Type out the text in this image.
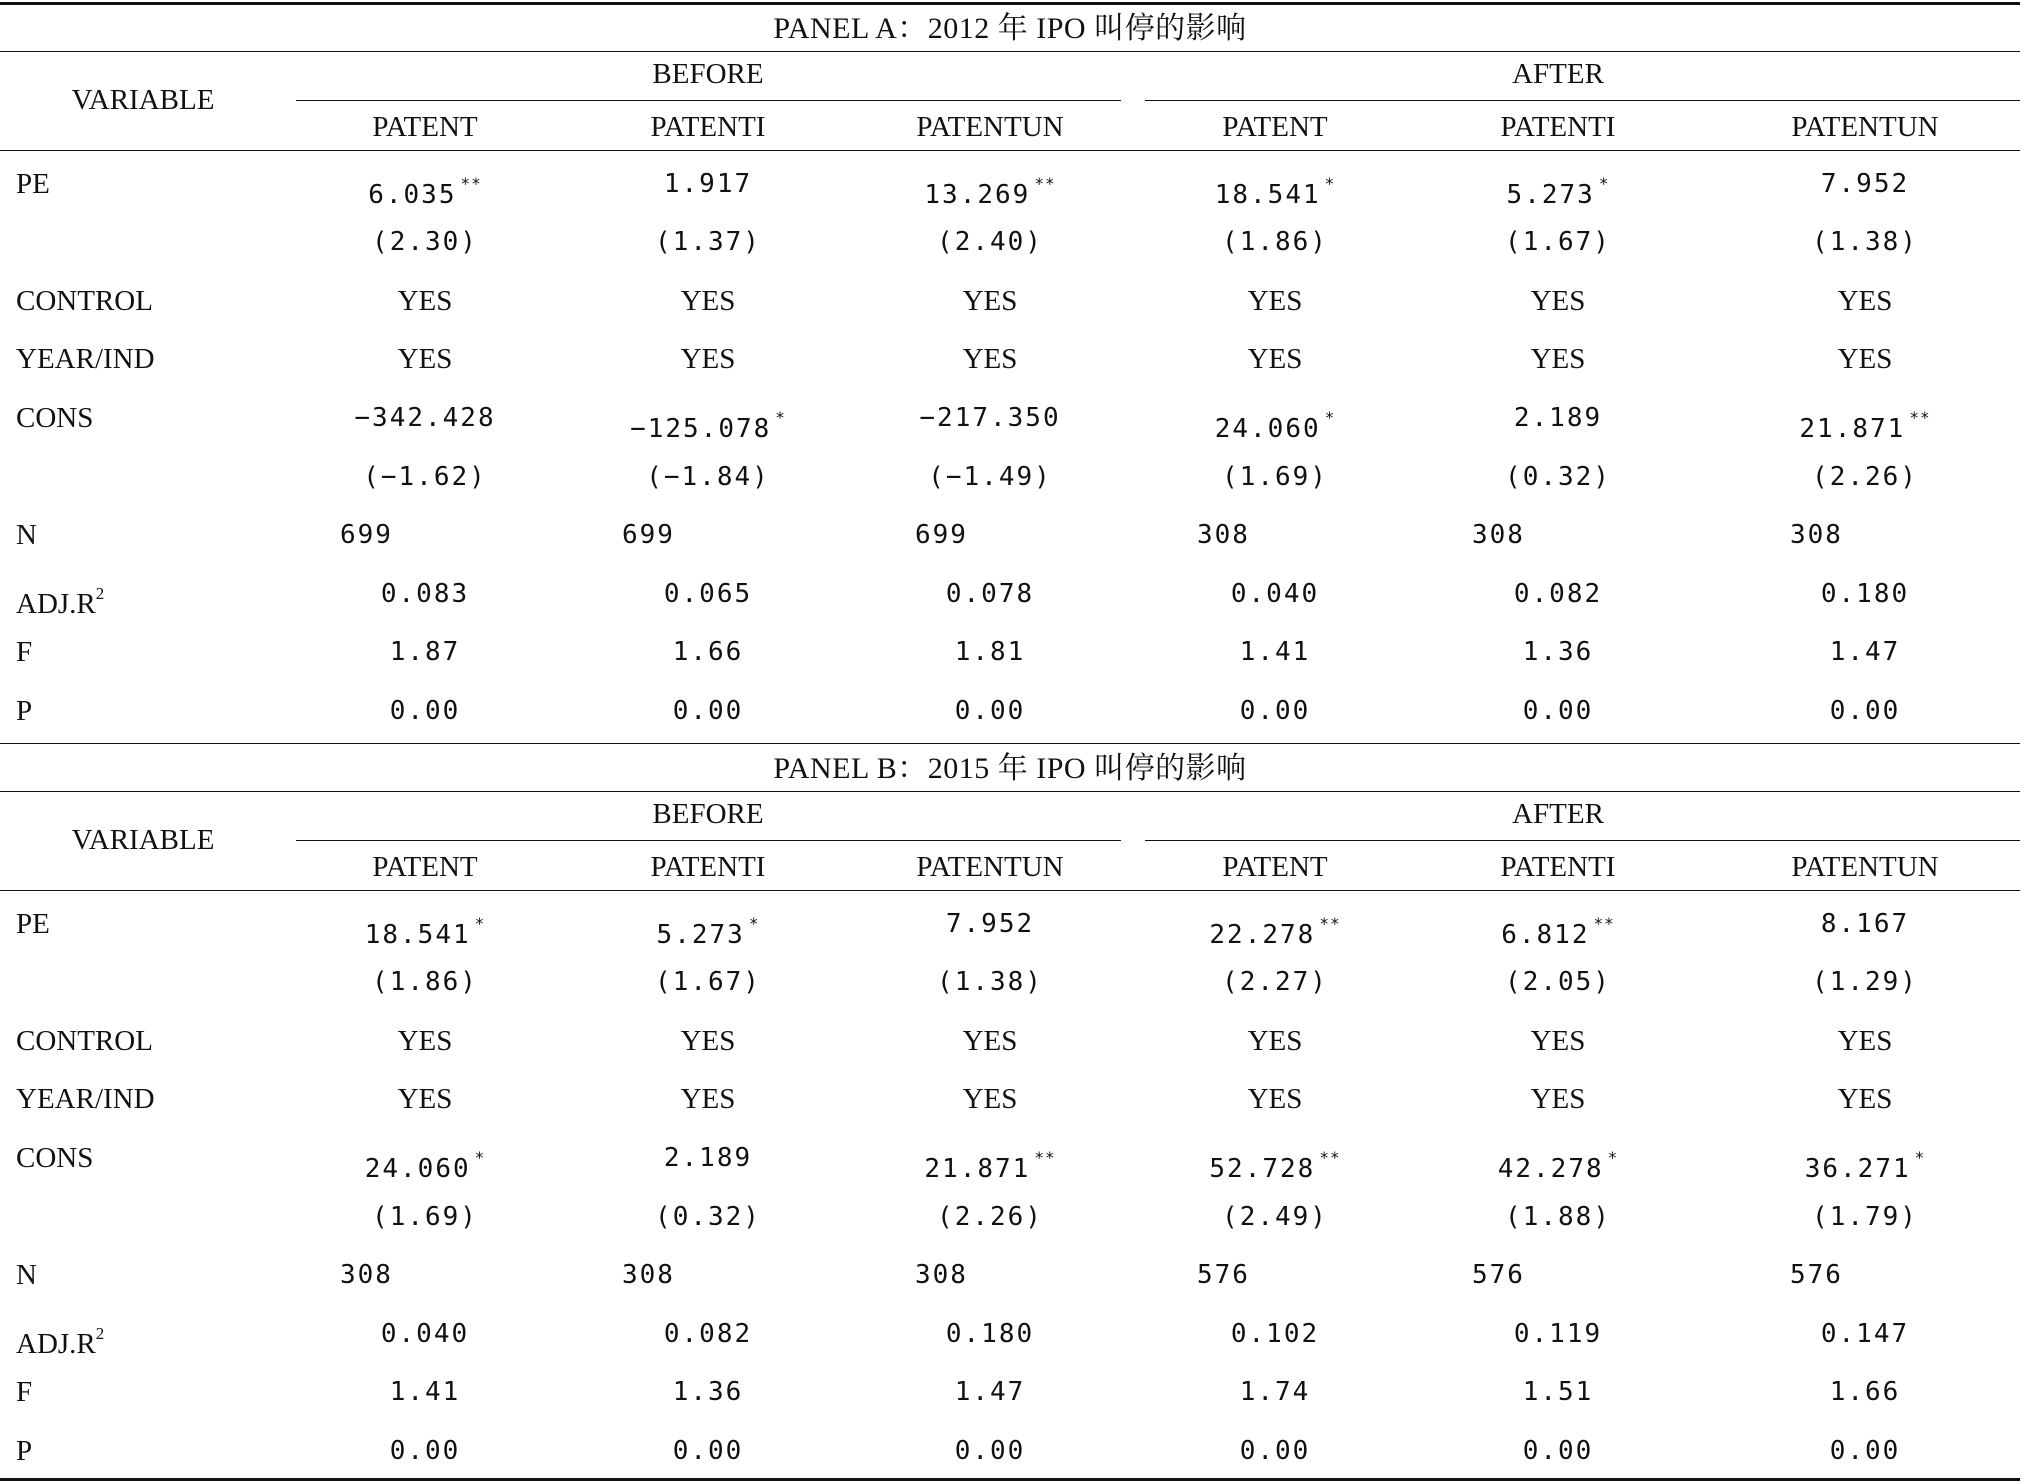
PANEL A：2012 年 IPO 叫停的影响
VARIABLE
BEFORE	AFTER
PATENT	PATENTI	PATENTUN	PATENT	PATENTI	PATENTUN
PE	6.035 **	1.917	13.269 **	18.541 *	5.273 *	7.952
(2.30)	(1.37)	(2.40)	(1.86)	(1.67)	(1.38)
CONTROL	YES	YES	YES	YES	YES	YES
YEAR/IND	YES	YES	YES	YES	YES	YES
CONS	−342.428	−125.078 *	−217.350	24.060 *	2.189	21.871 **
(−1.62)	(−1.84)	(−1.49)	(1.69)	(0.32)	(2.26)
N	699	699	699	308	308	308
$ADJ.R^2$	0.083	0.065	0.078	0.040	0.082	0.180
F	1.87	1.66	1.81	1.41	1.36	1.47
P	0.00	0.00	0.00	0.00	0.00	0.00
PANEL B：2015 年 IPO 叫停的影响
VARIABLE
BEFORE	AFTER
PATENT	PATENTI	PATENTUN	PATENT	PATENTI	PATENTUN
PE	18.541 *	5.273 *	7.952	22.278 **	6.812 **	8.167
(1.86)	(1.67)	(1.38)	(2.27)	(2.05)	(1.29)
CONTROL	YES	YES	YES	YES	YES	YES
YEAR/IND	YES	YES	YES	YES	YES	YES
CONS	24.060 *	2.189	21.871 **	52.728 **	42.278 *	36.271 *
(1.69)	(0.32)	(2.26)	(2.49)	(1.88)	(1.79)
N	308	308	308	576	576	576
$ADJ.R^2$	0.040	0.082	0.180	0.102	0.119	0.147
F	1.41	1.36	1.47	1.74	1.51	1.66
P	0.00	0.00	0.00	0.00	0.00	0.00
